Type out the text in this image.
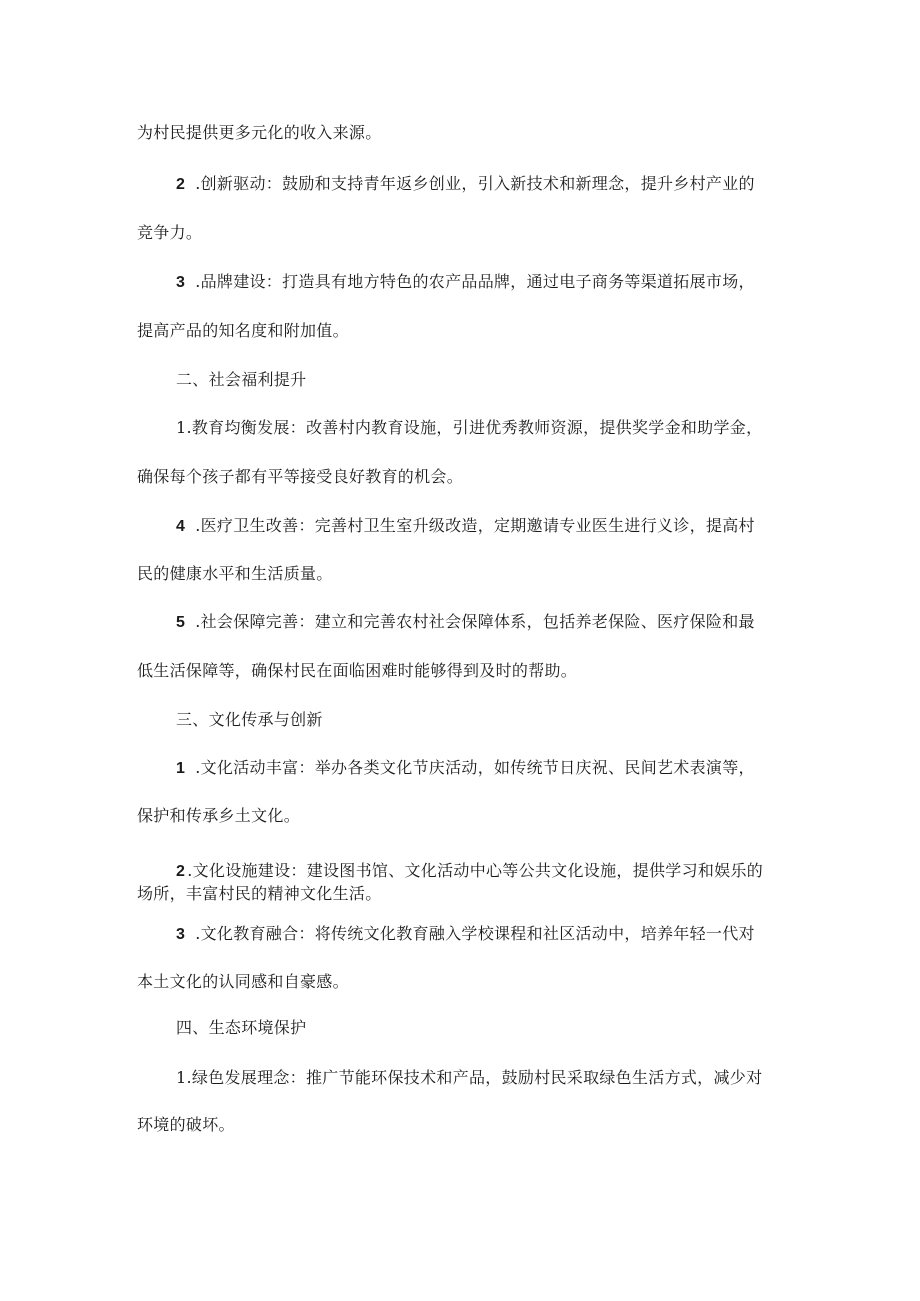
为村民提供更多元化的收入来源。
2 .创新驱动：鼓励和支持青年返乡创业，引入新技术和新理念，提升乡村产业的
竞争力。
3 .品牌建设：打造具有地方特色的农产品品牌，通过电子商务等渠道拓展市场，
提高产品的知名度和附加值。
二、社会福利提升
1.教育均衡发展：改善村内教育设施，引进优秀教师资源，提供奖学金和助学金，
确保每个孩子都有平等接受良好教育的机会。
4 .医疗卫生改善：完善村卫生室升级改造，定期邀请专业医生进行义诊，提高村
民的健康水平和生活质量。
5 .社会保障完善：建立和完善农村社会保障体系，包括养老保险、医疗保险和最
低生活保障等，确保村民在面临困难时能够得到及时的帮助。
三、文化传承与创新
1 .文化活动丰富：举办各类文化节庆活动，如传统节日庆祝、民间艺术表演等，
保护和传承乡土文化。
2 .文化设施建设：建设图书馆、文化活动中心等公共文化设施，提供学习和娱乐的
场所，丰富村民的精神文化生活。
3 .文化教育融合：将传统文化教育融入学校课程和社区活动中，培养年轻一代对
本土文化的认同感和自豪感。
四、生态环境保护
1.绿色发展理念：推广节能环保技术和产品，鼓励村民采取绿色生活方式，减少对
环境的破坏。
